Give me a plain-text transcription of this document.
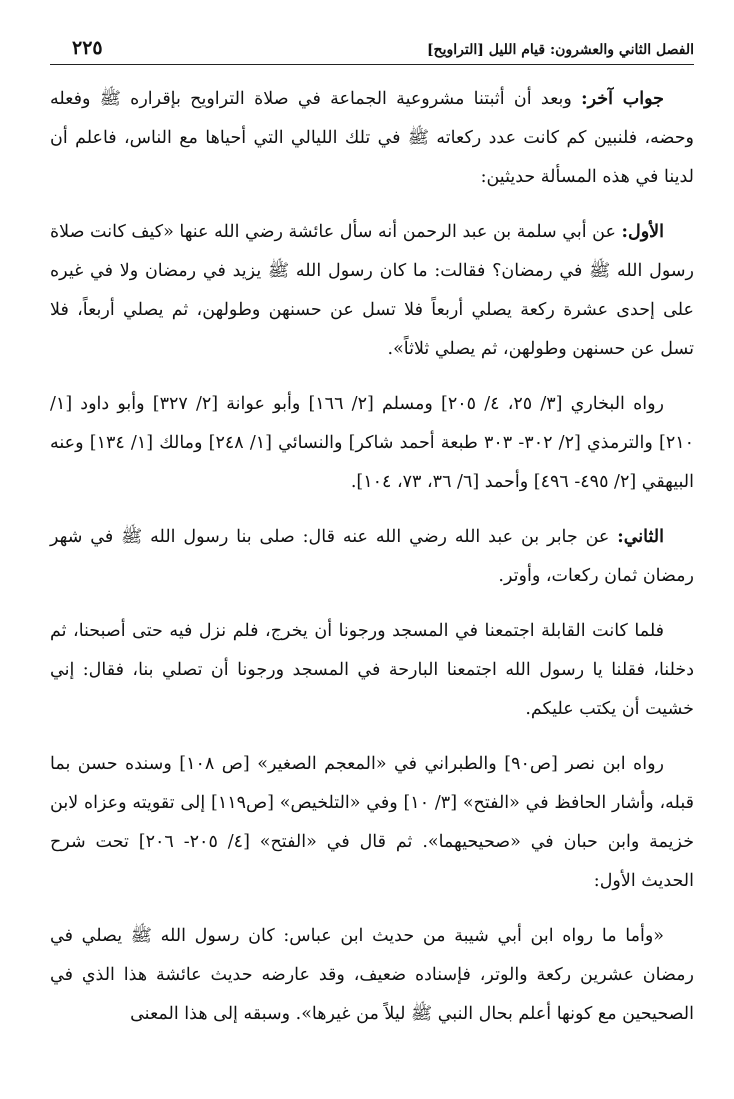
٢٢٥	الفصل الثاني والعشرون: قيام الليل [التراويح]

جواب آخر: وبعد أن أثبتنا مشروعية الجماعة في صلاة التراويح بإقراره ﷺ وفعله وحضه، فلنبين كم كانت عدد ركعاته ﷺ في تلك الليالي التي أحياها مع الناس، فاعلم أن لدينا في هذه المسألة حديثين:

الأول: عن أبي سلمة بن عبد الرحمن أنه سأل عائشة رضي الله عنها «كيف كانت صلاة رسول الله ﷺ في رمضان؟ فقالت: ما كان رسول الله ﷺ يزيد في رمضان ولا في غيره على إحدى عشرة ركعة يصلي أربعاً فلا تسل عن حسنهن وطولهن، ثم يصلي أربعاً، فلا تسل عن حسنهن وطولهن، ثم يصلي ثلاثاً».

رواه البخاري [٣/ ٢٥، ٤/ ٢٠٥] ومسلم [٢/ ١٦٦] وأبو عوانة [٢/ ٣٢٧] وأبو داود [١/ ٢١٠] والترمذي [٢/ ٣٠٢- ٣٠٣ طبعة أحمد شاكر] والنسائي [١/ ٢٤٨] ومالك [١/ ١٣٤] وعنه البيهقي [٢/ ٤٩٥- ٤٩٦] وأحمد [٦/ ٣٦، ٧٣، ١٠٤].

الثاني: عن جابر بن عبد الله رضي الله عنه قال: صلى بنا رسول الله ﷺ في شهر رمضان ثمان ركعات، وأوتر.

فلما كانت القابلة اجتمعنا في المسجد ورجونا أن يخرج، فلم نزل فيه حتى أصبحنا، ثم دخلنا، فقلنا يا رسول الله اجتمعنا البارحة في المسجد ورجونا أن تصلي بنا، فقال: إني خشيت أن يكتب عليكم.

رواه ابن نصر [ص٩٠] والطبراني في «المعجم الصغير» [ص ١٠٨] وسنده حسن بما قبله، وأشار الحافظ في «الفتح» [٣/ ١٠] وفي «التلخيص» [ص١١٩] إلى تقويته وعزاه لابن خزيمة وابن حبان في «صحيحيهما». ثم قال في «الفتح» [٤/ ٢٠٥- ٢٠٦] تحت شرح الحديث الأول:

«وأما ما رواه ابن أبي شيبة من حديث ابن عباس: كان رسول الله ﷺ يصلي في رمضان عشرين ركعة والوتر، فإسناده ضعيف، وقد عارضه حديث عائشة هذا الذي في الصحيحين مع كونها أعلم بحال النبي ﷺ ليلاً من غيرها». وسبقه إلى هذا المعنى
